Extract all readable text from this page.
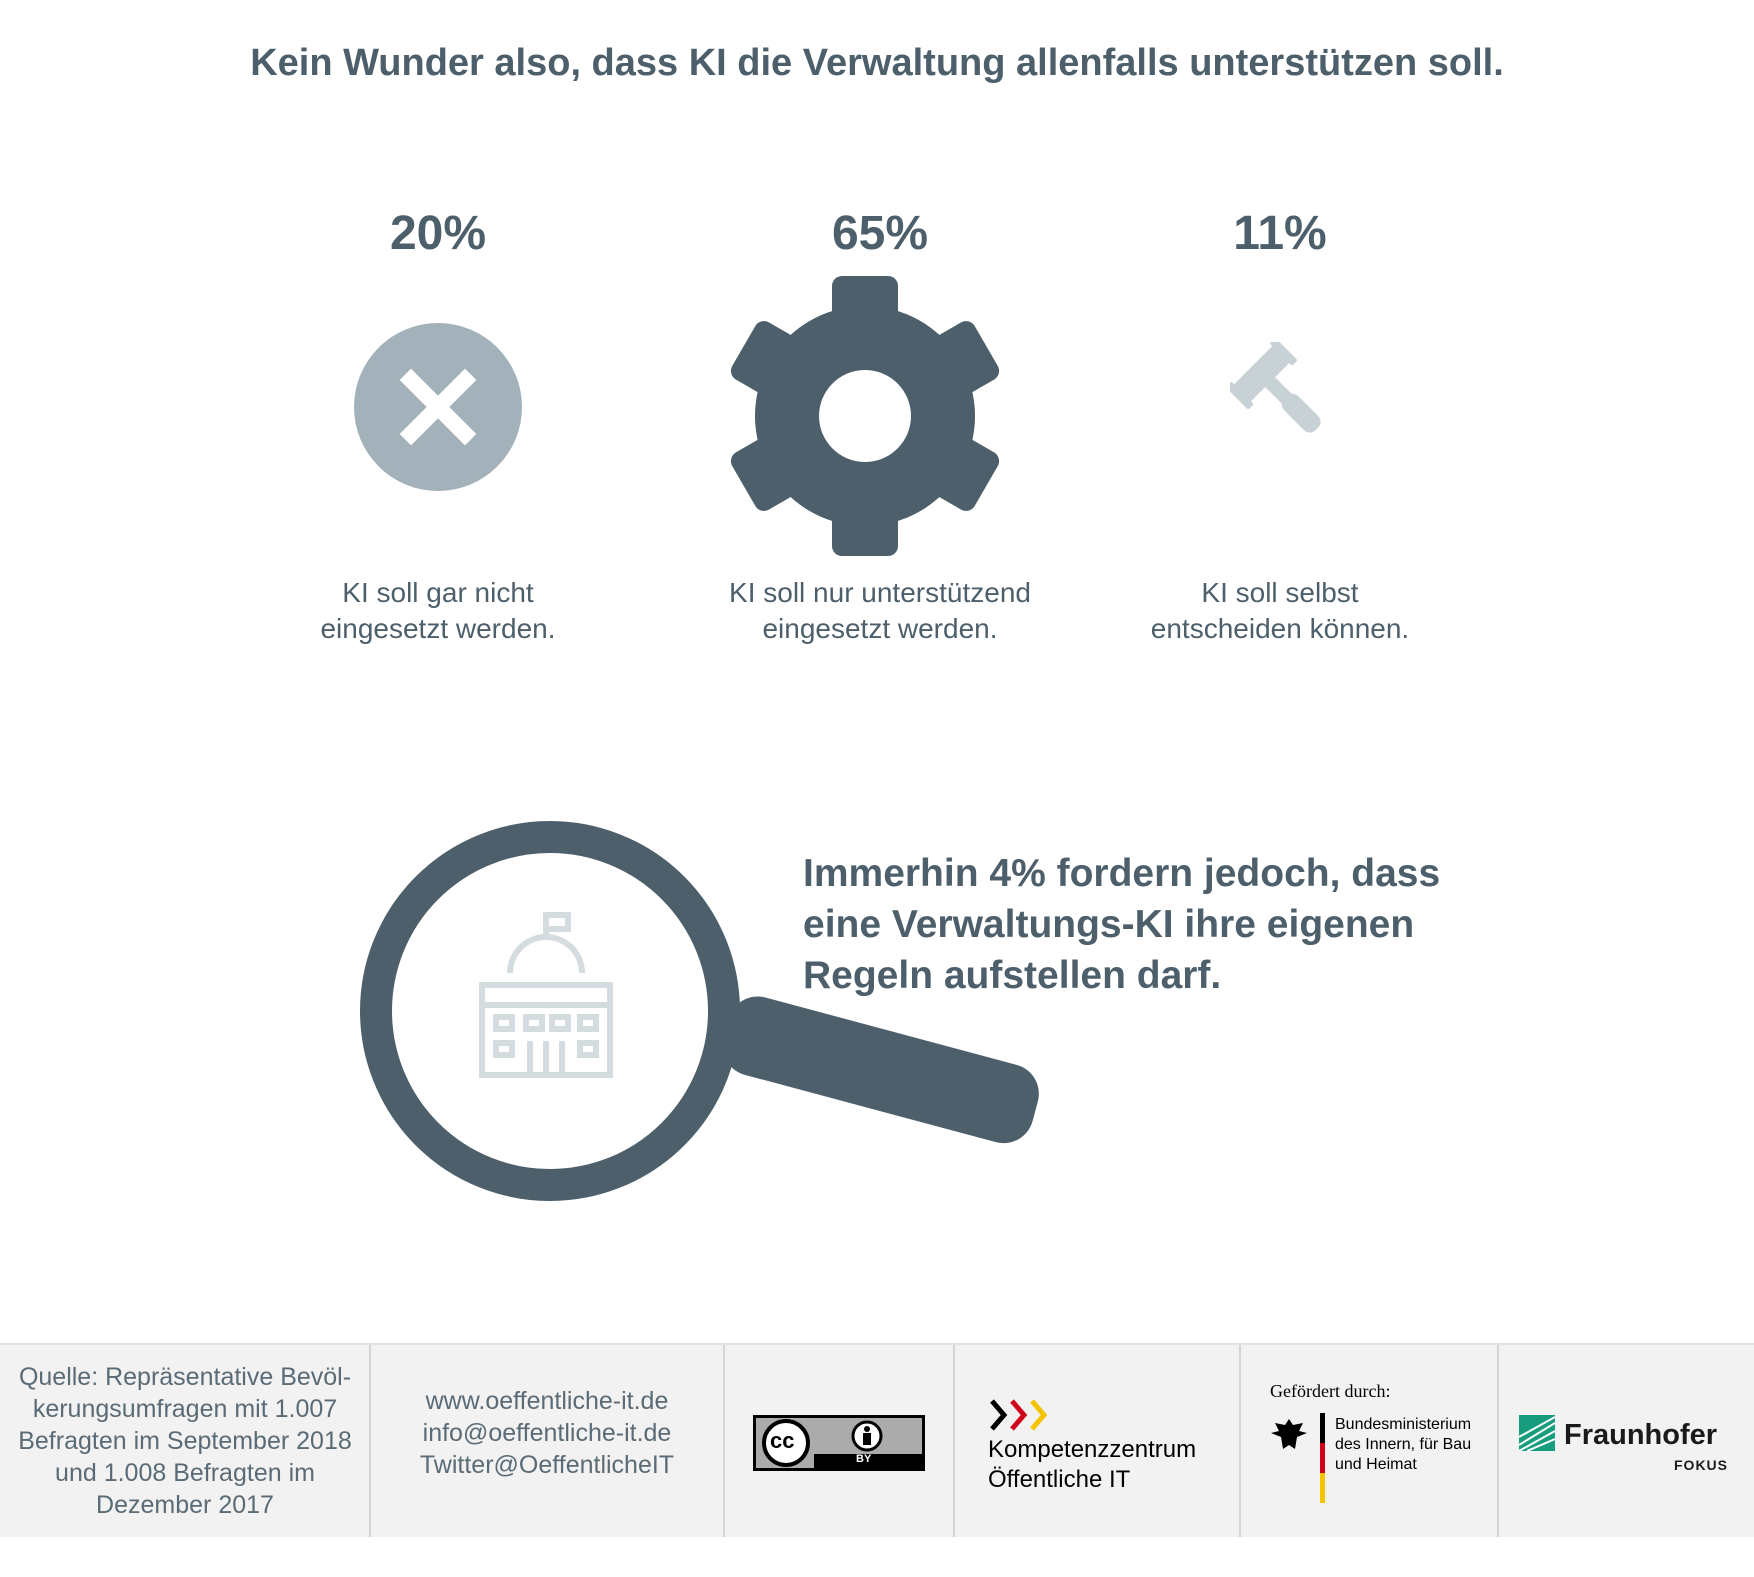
Kein Wunder also, dass KI die Verwaltung allenfalls unterstützen soll.
20%
KI soll gar nicht
eingesetzt werden.
65%
KI soll nur unterstützend
eingesetzt werden.
11%
KI soll selbst
entscheiden können.
Immerhin 4% fordern jedoch, dass
eine Verwaltungs-KI ihre eigenen
Regeln aufstellen darf.
Quelle: Repräsentative Bevöl-
kerungsumfragen mit 1.007
Befragten im September 2018
und 1.008 Befragten im
Dezember 2017
www.oeffentliche-it.de
info@oeffentliche-it.de
Twitter@OeffentlicheIT
cc
BY	Kompetenzzentrum
Öffentliche IT
Gefördert durch:
Bundesministerium
des Innern, für Bau
und Heimat
Fraunhofer
FOKUS
